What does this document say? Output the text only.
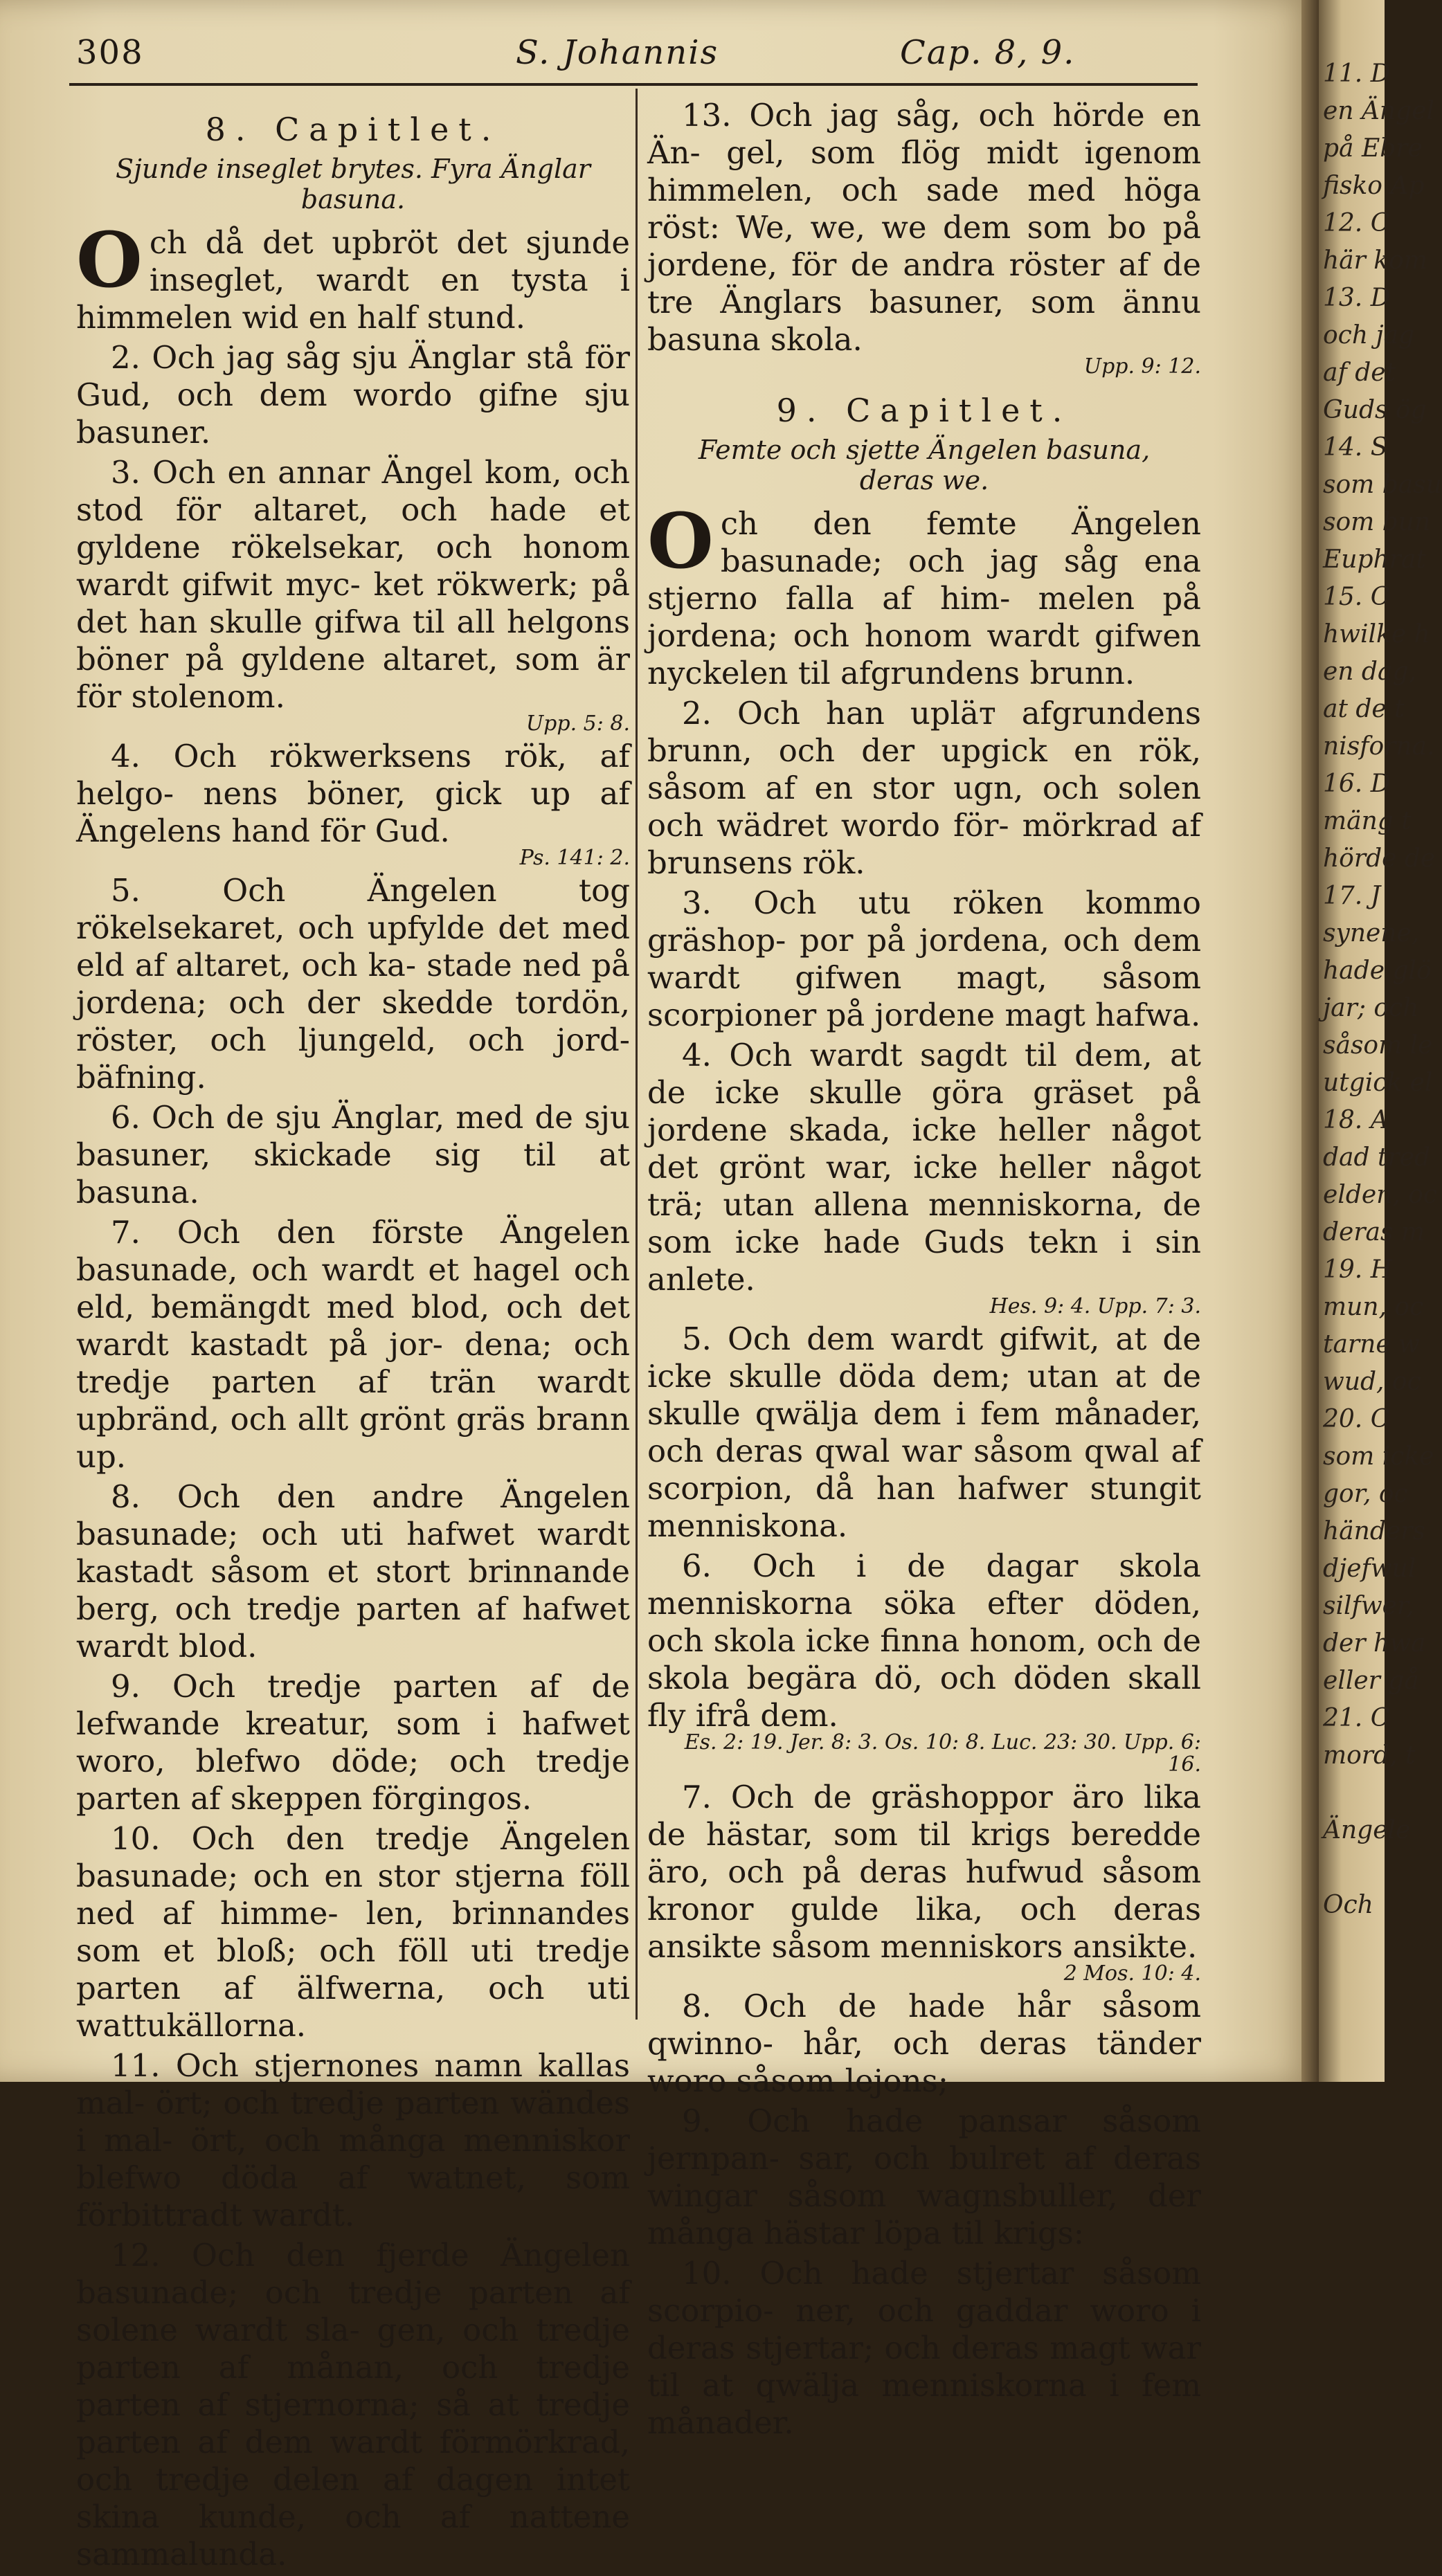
308	S. Johannis	Cap. 8, 9.
8. Capitlet.
Sjunde inseglet brytes. Fyra Änglar basuna.

Och då det upbröt det sjunde inseglet, wardt en tysta i himmelen wid en half stund.

2. Och jag såg sju Änglar stå för Gud, och dem wordo gifne sju basuner.

3. Och en annar Ängel kom, och stod för altaret, och hade et gyldene rökelsekar, och honom wardt gifwit myc- ket rökwerk; på det han skulle gifwa til all helgons böner på gyldene altaret, som är för stolenom.
Upp. 5: 8.

4. Och rökwerksens rök, af helgo- nens böner, gick up af Ängelens hand för Gud.
Ps. 141: 2.

5. Och Ängelen tog rökelsekaret, och upfylde det med eld af altaret, och ka- stade ned på jordena; och der skedde tordön, röster, och ljungeld, och jord- bäfning.

6. Och de sju Änglar, med de sju basuner, skickade sig til at basuna.

7. Och den förste Ängelen basunade, och wardt et hagel och eld, bemängdt med blod, och det wardt kastadt på jor- dena; och tredje parten af trän wardt upbränd, och allt grönt gräs brann up.

8. Och den andre Ängelen basunade; och uti hafwet wardt kastadt såsom et stort brinnande berg, och tredje parten af hafwet wardt blod.

9. Och tredje parten af de lefwande kreatur, som i hafwet woro, blefwo döde; och tredje parten af skeppen förgingos.

10. Och den tredje Ängelen basunade; och en stor stjerna föll ned af himme- len, brinnandes som et bloß; och föll uti tredje parten af älfwerna, och uti wattukällorna.

11. Och stjernones namn kallas mal- ört; och tredje parten wändes i mal- ört, och många menniskor blefwo döda af watnet, som förbittradt wardt.

12. Och den fjerde Ängelen basunade; och tredje parten af solene wardt sla- gen, och tredje parten af månan, och tredje parten af stjernorna; så at tredje parten af dem wardt förmörkrad, och tredje delen af dagen intet skina kunde, och af nattene sammalunda.

13. Och jag såg, och hörde en Än- gel, som flög midt igenom himmelen, och sade med höga röst: We, we, we dem som bo på jordene, för de andra röster af de tre Änglars basuner, som ännu basuna skola.
Upp. 9: 12.

9. Capitlet.
Femte och sjette Ängelen basuna, deras we.

Och den femte Ängelen basunade; och jag såg ena stjerno falla af him- melen på jordena; och honom wardt gifwen nyckelen til afgrundens brunn.

2. Och han upläт afgrundens brunn, och der upgick en rök, såsom af en stor ugn, och solen och wädret wordo för- mörkrad af brunsens rök.

3. Och utu röken kommo gräshop- por på jordena, och dem wardt gifwen magt, såsom scorpioner på jordene magt hafwa.

4. Och wardt sagdt til dem, at de icke skulle göra gräset på jordene skada, icke heller något det grönt war, icke heller något trä; utan allena menniskorna, de som icke hade Guds tekn i sin anlete.
Hes. 9: 4. Upp. 7: 3.

5. Och dem wardt gifwit, at de icke skulle döda dem; utan at de skulle qwälja dem i fem månader, och deras qwal war såsom qwal af scorpion, då han hafwer stungit menniskona.

6. Och i de dagar skola menniskorna söka efter döden, och skola icke finna honom, och de skola begära dö, och döden skall fly ifrå dem.
Es. 2: 19. Jer. 8: 3. Os. 10: 8. Luc. 23: 30. Upp. 6: 16.

7. Och de gräshoppor äro lika de hästar, som til krigs beredde äro, och på deras hufwud såsom kronor gulde lika, och deras ansikte såsom menniskors ansikte.
2 Mos. 10: 4.

8. Och de hade hår såsom qwinno- hår, och deras tänder woro såsom lejons;

9. Och hade pansar såsom jernpan- sar, och bulret af deras wingar såsom wagnsbuller, der många hästar löpa til krigs:

10. Och hade stjertar såsom scorpio- ner, och gaddar woro i deras stjertar; och deras magt war til at qwälja menniskorna i fem månader.

11. D
en Ängel
på Ebre
fisko Ap
12. C
här kom
13. D
och jag
af det
Guds ög
14. S
som basu
som bun
Euphrat
15. C
hwilke h
en dag,
at de t
nisforna.
16. D
mäng t
hörde de
17. J
synene,
hade glö
jar; och
såsom le
utgick el
18. A
dad tred
elden, oc
deras m
19. H
mun, oc
tarne w
wud, oc
20. C
som icke
gor, oc
händers
djefwul
silfwer,
der hwa
eller gå
21. C
mord, t
Ängele
Och
